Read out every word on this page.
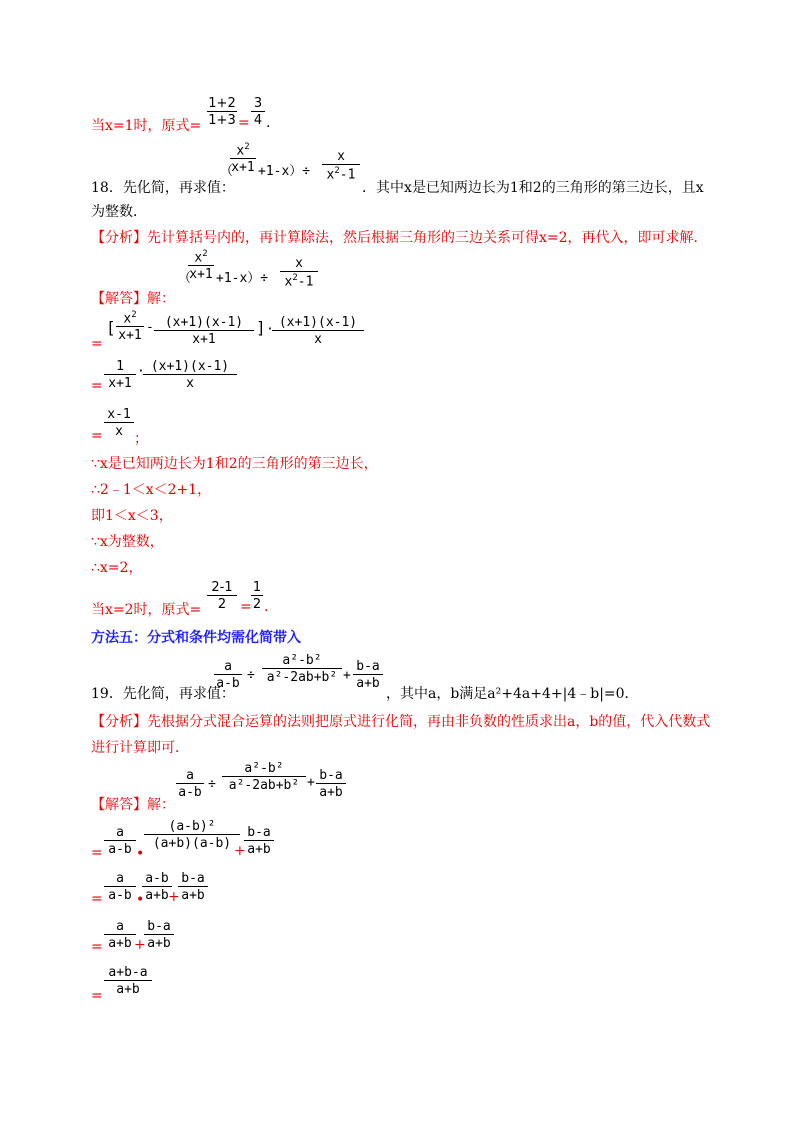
当x=1时，原式=
1+2
1+3 =
3
4 .
18．先化简，再求值：
（
$x^2$
x+1 +1-x）÷
x
$x^2-1$
．其中x是已知两边长为1和2的三角形的第三边长，且x
为整数．
【分析】先计算括号内的，再计算除法，然后根据三角形的三边关系可得x=2，再代入，即可求解．
【解答】解：
（
$x^2$
x+1 +1-x）÷
x
$x^2-1$
=
[ $x^2$
x+1
- (x+1)(x-1)
x+1
] · (x+1)(x-1)
x
=
1
x+1
· (x+1)(x-1)
x
=
x-1
x ；
∵x是已知两边长为1和2的三角形的第三边长，
∴2﹣1＜x＜2+1，
即1＜x＜3，
∵x为整数，
∴x=2，
当x=2时，原式=
2-1
2 =
1
2 .
方法五：分式和条件均需化简带入
19．先化简，再求值：
a
a-b
÷
a²-b²
a²-2ab+b² +
b-a
a+b
，其中a，b满足a²+4a+4+|4﹣b|=0．
【分析】先根据分式混合运算的法则把原式进行化简，再由非负数的性质求出a，b的值，代入代数式
进行计算即可．
【解答】解：
a
a-b
÷
a²-b²
a²-2ab+b² + b-a
a+b
=
a
a-b •
(a-b)²
(a+b)(a-b) +
b-a
a+b
=
a
a-b •
a-b
a+b +
b-a
a+b
=
a
a+b +
b-a
a+b
=
a+b-a
a+b
